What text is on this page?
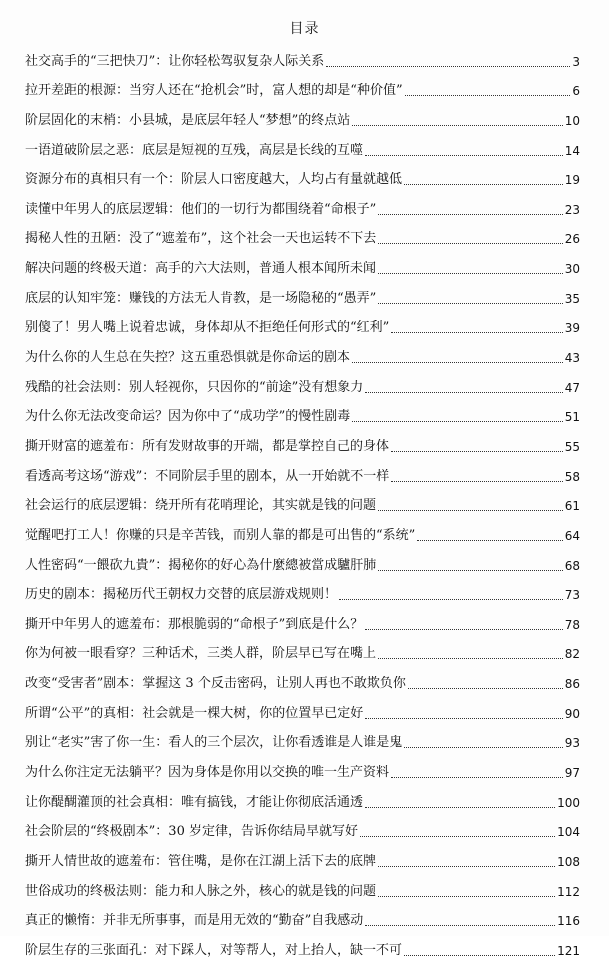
目录
社交高手的“三把快刀”：让你轻松驾驭复杂人际关系	3
拉开差距的根源：当穷人还在“抢机会”时，富人想的却是“种价值”	6
阶层固化的末梢：小县城，是底层年轻人“梦想”的终点站	10
一语道破阶层之恶：底层是短视的互残，高层是长线的互噬	14
资源分布的真相只有一个：阶层人口密度越大，人均占有量就越低	19
读懂中年男人的底层逻辑：他们的一切行为都围绕着“命根子”	23
揭秘人性的丑陋：没了“遮羞布”，这个社会一天也运转不下去	26
解决问题的终极天道：高手的六大法则，普通人根本闻所未闻	30
底层的认知牢笼：赚钱的方法无人肯教，是一场隐秘的“愚弄”	35
别傻了！男人嘴上说着忠诚，身体却从不拒绝任何形式的“红利”	39
为什么你的人生总在失控？这五重恐惧就是你命运的剧本	43
残酷的社会法则：别人轻视你，只因你的“前途”没有想象力	47
为什么你无法改变命运？因为你中了“成功学”的慢性剧毒	51
撕开财富的遮羞布：所有发财故事的开端，都是掌控自己的身体	55
看透高考这场“游戏”：不同阶层手里的剧本，从一开始就不一样	58
社会运行的底层逻辑：绕开所有花哨理论，其实就是钱的问题	61
觉醒吧打工人！你赚的只是辛苦钱，而别人靠的都是可出售的“系统”	64
人性密码“一餵砍九貴”：揭秘你的好心為什麼總被當成驢肝肺	68
历史的剧本：揭秘历代王朝权力交替的底层游戏规则！	73
撕开中年男人的遮羞布：那根脆弱的“命根子”到底是什么？	78
你为何被一眼看穿？三种话术，三类人群，阶层早已写在嘴上	82
改变“受害者”剧本：掌握这 3 个反击密码，让别人再也不敢欺负你	86
所谓“公平”的真相：社会就是一棵大树，你的位置早已定好	90
别让“老实”害了你一生：看人的三个层次，让你看透谁是人谁是鬼	93
为什么你注定无法躺平？因为身体是你用以交换的唯一生产资料	97
让你醍醐灌顶的社会真相：唯有搞钱，才能让你彻底活通透	100
社会阶层的“终极剧本”：30 岁定律，告诉你结局早就写好	104
撕开人情世故的遮羞布：管住嘴，是你在江湖上活下去的底牌	108
世俗成功的终极法则：能力和人脉之外，核心的就是钱的问题	112
真正的懒惰：并非无所事事，而是用无效的“勤奋”自我感动	116
阶层生存的三张面孔：对下踩人，对等帮人，对上抬人，缺一不可	121
